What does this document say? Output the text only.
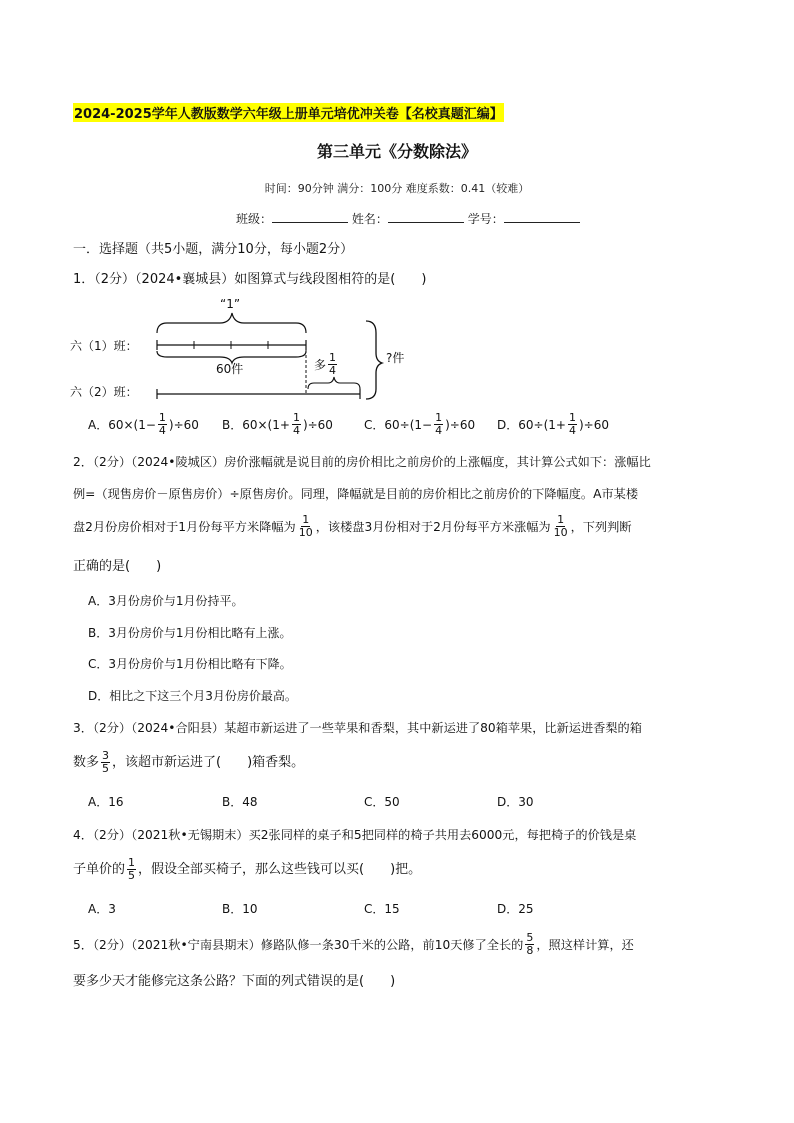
2024-2025学年人教版数学六年级上册单元培优冲关卷【名校真题汇编】
第三单元《分数除法》
时间：90分钟 满分：100分 难度系数：0.41（较难）
班级：	姓名：	学号：
一．选择题（共5小题，满分10分，每小题2分）
1．（2分）（2024•襄城县）如图算式与线段图相符的是(　　)
“1”
六（1）班：
60件	多 $\frac{1}{4}$	?件
六（2）班：
A． $60\times(1- \frac{1}{4} )\div 60$ B． $60\times(1+ \frac{1}{4} )\div 60$	C． $60\div(1- \frac{1}{4} )\div 60$ D． $60\div(1+ \frac{1}{4} )\div 60$
2．（2分）（2024•陵城区）房价涨幅就是说目前的房价相比之前房价的上涨幅度，其计算公式如下：涨幅比
例=（现售房价－原售房价）÷原售房价。同理，降幅就是目前的房价相比之前房价的下降幅度。A市某楼
盘2月份房价相对于1月份每平方米降幅为 $\frac{1}{10}$ ，该楼盘3月份相对于2月份每平方米涨幅为 $\frac{1}{10}$ ，下列判断
正确的是(　　)
A．3月份房价与1月份持平。
B．3月份房价与1月份相比略有上涨。
C．3月份房价与1月份相比略有下降。
D．相比之下这三个月3月份房价最高。
3．（2分）（2024•合阳县）某超市新运进了一些苹果和香梨，其中新运进了80箱苹果，比新运进香梨的箱
数多 $\frac{3}{5}$ ，该超市新运进了(　　)箱香梨。
A．16	B．48	C．50	D．30
4．（2分）（2021秋•无锡期末）买2张同样的桌子和5把同样的椅子共用去6000元，每把椅子的价钱是桌
子单价的 $\frac{1}{5}$ ，假设全部买椅子，那么这些钱可以买(　　)把。
A．3	B．10	C．15	D．25
5．（2分）（2021秋•宁南县期末）修路队修一条30千米的公路，前10天修了全长的 $\frac{5}{8}$ ，照这样计算，还
要多少天才能修完这条公路？下面的列式错误的是(　　)
